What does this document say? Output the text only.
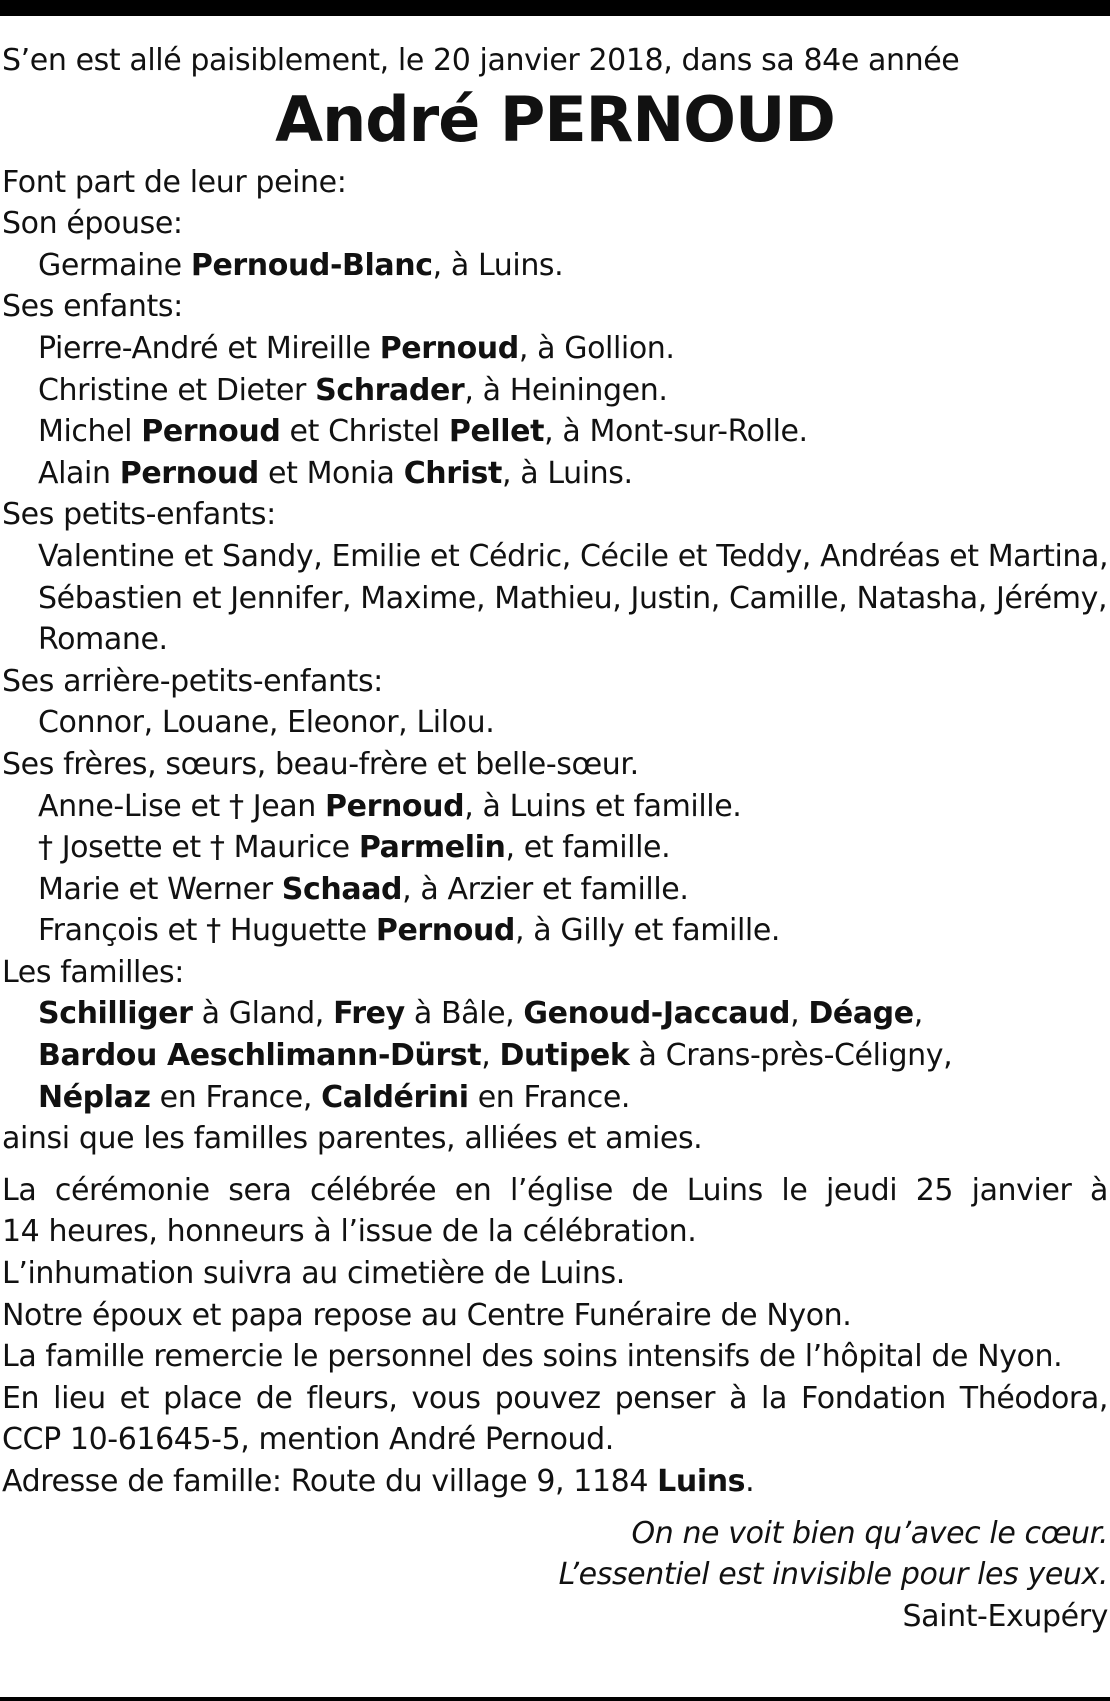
S’en est allé paisiblement, le 20 janvier 2018, dans sa 84e année
André PERNOUD
Font part de leur peine:
Son épouse:
Germaine Pernoud-Blanc, à Luins.
Ses enfants:
Pierre-André et Mireille Pernoud, à Gollion.
Christine et Dieter Schrader, à Heiningen.
Michel Pernoud et Christel Pellet, à Mont-sur-Rolle.
Alain Pernoud et Monia Christ, à Luins.
Ses petits-enfants:
Valentine et Sandy, Emilie et Cédric, Cécile et Teddy, Andréas et Martina,
Sébastien et Jennifer, Maxime, Mathieu, Justin, Camille, Natasha, Jérémy,
Romane.
Ses arrière-petits-enfants:
Connor, Louane, Eleonor, Lilou.
Ses frères, sœurs, beau-frère et belle-sœur.
Anne-Lise et † Jean Pernoud, à Luins et famille.
† Josette et † Maurice Parmelin, et famille.
Marie et Werner Schaad, à Arzier et famille.
François et † Huguette Pernoud, à Gilly et famille.
Les familles:
Schilliger à Gland, Frey à Bâle, Genoud-Jaccaud, Déage,
Bardou Aeschlimann-Dürst, Dutipek à Crans-près-Céligny,
Néplaz en France, Caldérini en France.
ainsi que les familles parentes, alliées et amies.
La cérémonie sera célébrée en l’église de Luins le jeudi 25 janvier à
14 heures, honneurs à l’issue de la célébration.
L’inhumation suivra au cimetière de Luins.
Notre époux et papa repose au Centre Funéraire de Nyon.
La famille remercie le personnel des soins intensifs de l’hôpital de Nyon.
En lieu et place de fleurs, vous pouvez penser à la Fondation Théodora,
CCP 10-61645-5, mention André Pernoud.
Adresse de famille: Route du village 9, 1184 Luins.
On ne voit bien qu’avec le cœur.
L’essentiel est invisible pour les yeux.
Saint-Exupéry
